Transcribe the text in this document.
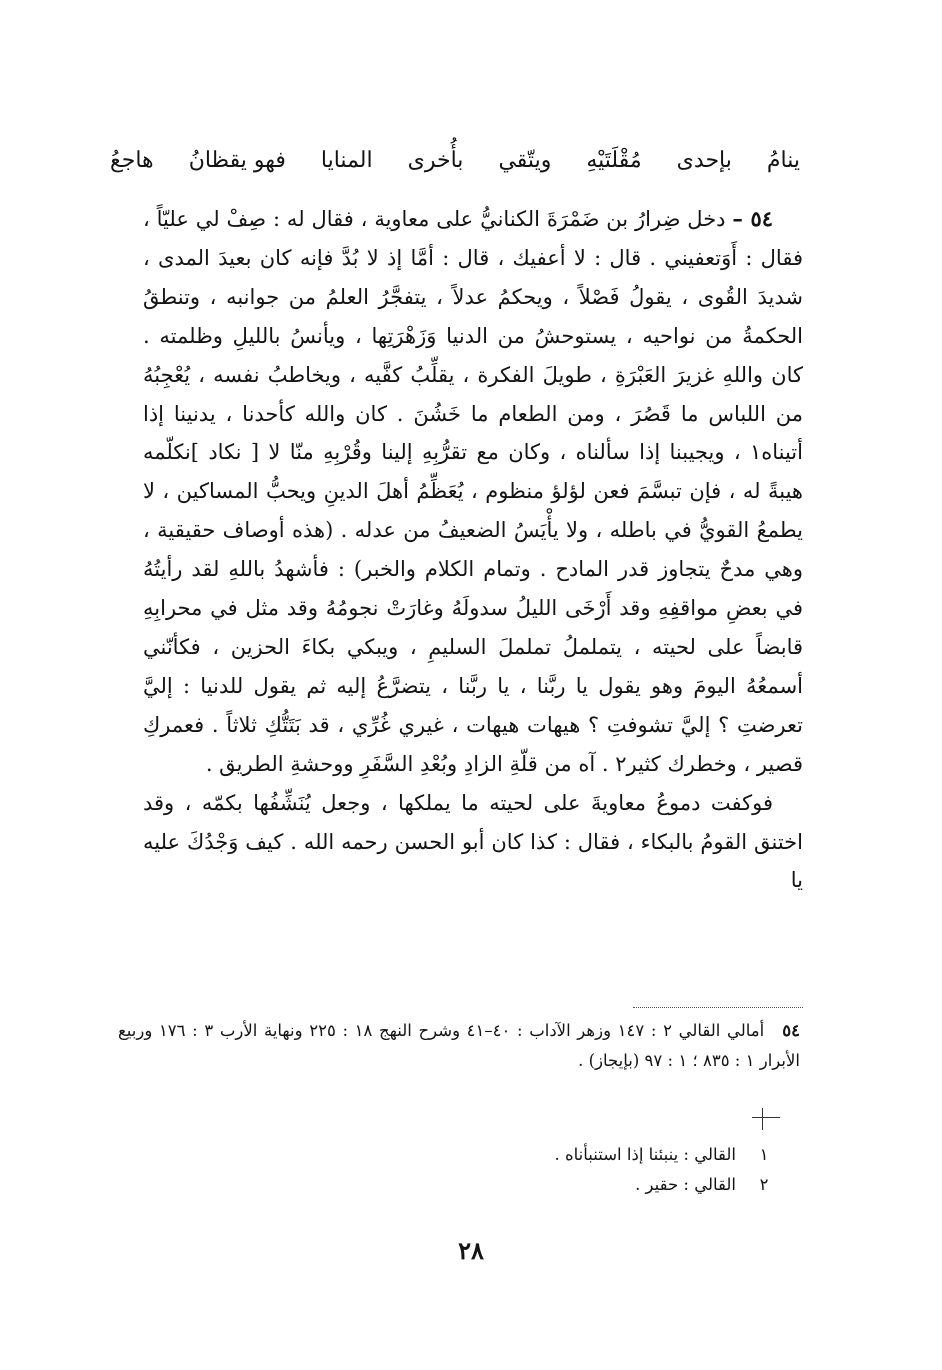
ينامُ
بإحدى
مُقْلَتَيْهِ
ويتّقي
بأُخرى
المنايا
فهو يقظانُ
هاجعُ

٥٤ – دخل ضِرارُ بن ضَمْرَةَ الكنانيُّ على معاوية ، فقال له : صِفْ لي عليّاً ، فقال : أَوَتعفيني . قال : لا أعفيك ، قال : أمَّا إذ لا بُدَّ فإنه كان بعيدَ المدى ، شديدَ القُوى ، يقولُ فَصْلاً ، ويحكمُ عدلاً ، يتفجَّرُ العلمُ من جوانبه ، وتنطقُ الحكمةُ من نواحيه ، يستوحشُ من الدنيا وَزَهْرَتِها ، ويأنسُ بالليلِ وظلمته . كان واللهِ غزيرَ العَبْرَةِ ، طويلَ الفكرة ، يقلِّبُ كفَّيه ، ويخاطبُ نفسه ، يُعْجِبُهُ من اللباس ما قَصُرَ ، ومن الطعام ما خَشُنَ . كان والله كأحدنا ، يدنينا إذا أتيناه١ ، ويجيبنا إذا سألناه ، وكان مع تقرُّبِهِ إلينا وقُرْبِهِ منّا لا [ نكاد ]نكلّمه هيبةً له ، فإن تبسَّمَ فعن لؤلؤ منظوم ، يُعَظِّمُ أهلَ الدينِ ويحبُّ المساكين ، لا يطمعُ القويُّ في باطله ، ولا يأْيَسُ الضعيفُ من عدله . (هذه أوصاف حقيقية ، وهي مدحٌ يتجاوز قدر المادح . وتمام الكلام والخبر) : فأشهدُ باللهِ لقد رأيتُهُ في بعضِ مواقفِهِ وقد أَرْخَى الليلُ سدولَهُ وغارَتْ نجومُهُ وقد مثل في محرابِهِ قابضاً على لحيته ، يتململُ تململَ السليمِ ، ويبكي بكاءَ الحزين ، فكأنّني أسمعُهُ اليومَ وهو يقول يا ربَّنا ، يا ربَّنا ، يتضرَّعُ إليه ثم يقول للدنيا : إليَّ تعرضتِ ؟ إليَّ تشوفتِ ؟ هيهات هيهات ، غيري غُرِّي ، قد بَتَتُّكِ ثلاثاً . فعمركِ قصير ، وخطرك كثير٢ . آه من قلّةِ الزادِ وبُعْدِ السَّفَرِ ووحشةِ الطريق .

فوكفت دموعُ معاويةَ على لحيته ما يملكها ، وجعل يُنَشِّفُها بكمّه ، وقد اختنق القومُ بالبكاء ، فقال : كذا كان أبو الحسن رحمه الله . كيف وَجْدُكَ عليه يا

٥٤أمالي القالي ٢ : ١٤٧ وزهر الآداب : ٤٠–٤١ وشرح النهج ١٨ : ٢٢٥ ونهاية الأرب ٣ : ١٧٦ وربيع الأبرار ١ : ٨٣٥ ؛ ١ : ٩٧ (بإيجاز) .
١
القالي : ينبئنا إذا استنبأناه .
٢
القالي : حقير .
٢٨
